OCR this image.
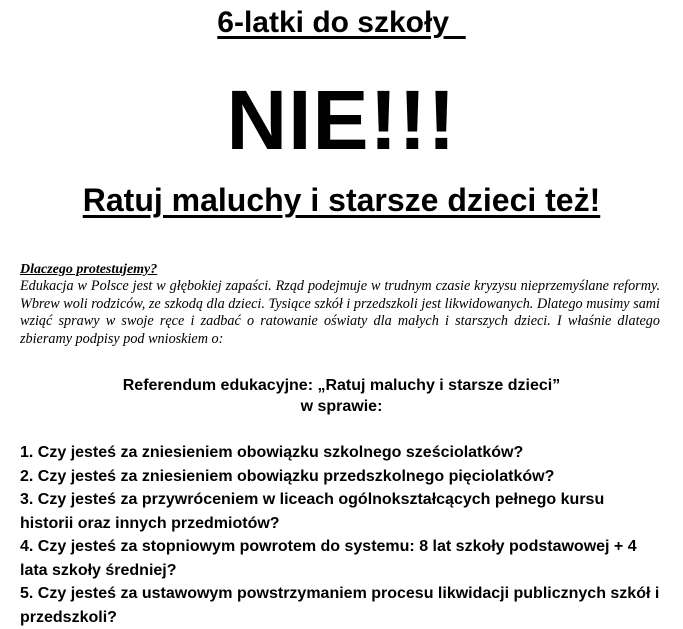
6-latki do szkoły
NIE!!!
Ratuj maluchy i starsze dzieci też!
Dlaczego protestujemy?
Edukacja w Polsce jest w głębokiej zapaści. Rząd podejmuje w trudnym czasie kryzysu nieprzemyślane reformy. Wbrew woli rodziców, ze szkodą dla dzieci. Tysiące szkół i przedszkoli jest likwidowanych. Dlatego musimy sami wziąć sprawy w swoje ręce i zadbać o ratowanie oświaty dla małych i starszych dzieci. I właśnie dlatego zbieramy podpisy pod wnioskiem o:
Referendum edukacyjne: „Ratuj maluchy i starsze dzieci”
w sprawie:
1. Czy jesteś za zniesieniem obowiązku szkolnego sześciolatków?
2. Czy jesteś za zniesieniem obowiązku przedszkolnego pięciolatków?
3. Czy jesteś za przywróceniem w liceach ogólnokształcących pełnego kursu historii oraz innych przedmiotów?
4. Czy jesteś za stopniowym powrotem do systemu: 8 lat szkoły podstawowej + 4 lata szkoły średniej?
5. Czy jesteś za ustawowym powstrzymaniem procesu likwidacji publicznych szkół i przedszkoli?
